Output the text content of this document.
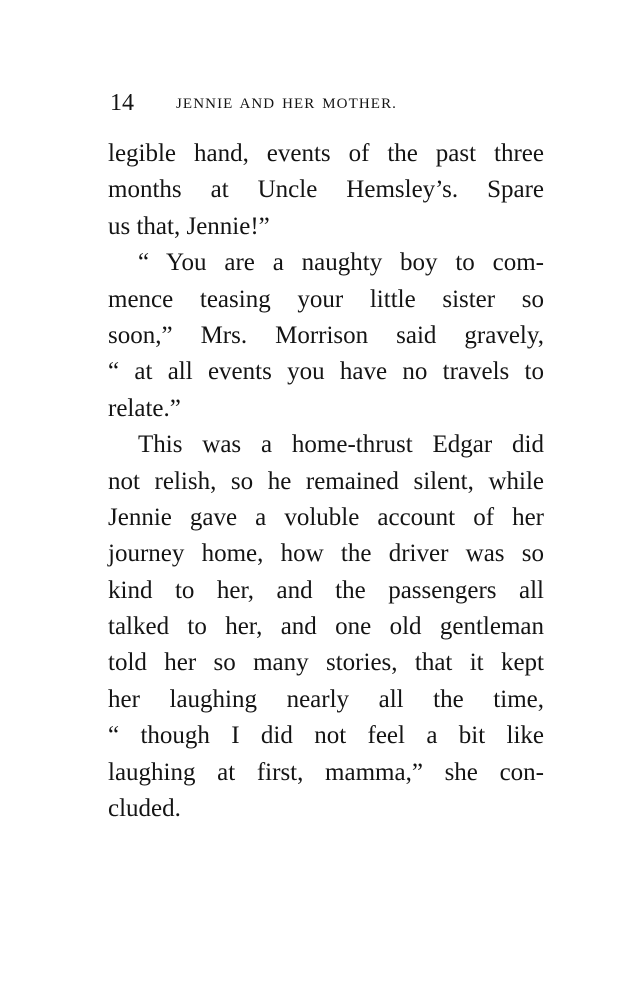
14	JENNIE AND HER MOTHER.
legible hand, events of the past three
months at Uncle Hemsley’s. Spare
us that, Jennie!”
“ You are a naughty boy to com-
mence teasing your little sister so
soon,” Mrs. Morrison said gravely,
“ at all events you have no travels to
relate.”
This was a home-thrust Edgar did
not relish, so he remained silent, while
Jennie gave a voluble account of her
journey home, how the driver was so
kind to her, and the passengers all
talked to her, and one old gentleman
told her so many stories, that it kept
her laughing nearly all the time,
“ though I did not feel a bit like
laughing at first, mamma,” she con-
cluded.
